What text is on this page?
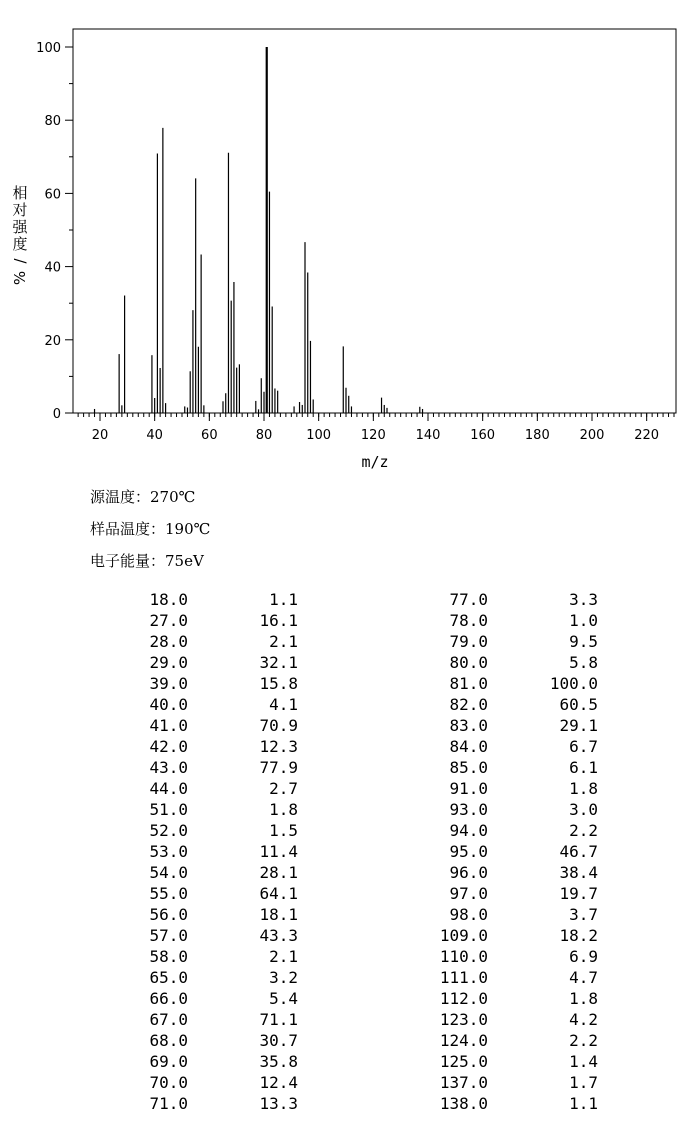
20	40	60	80	100 120 140 160 180 200 220
0
20
40
60
80
100
m/z
相
对
强
度
/
%
源温度：270℃
样品温度：190℃
电子能量：75eV
18.0	1.1	77.0	3.3
27.0	16.1	78.0	1.0
28.0	2.1	79.0	9.5
29.0	32.1	80.0	5.8
39.0	15.8	81.0	100.0
40.0	4.1	82.0	60.5
41.0	70.9	83.0	29.1
42.0	12.3	84.0	6.7
43.0	77.9	85.0	6.1
44.0	2.7	91.0	1.8
51.0	1.8	93.0	3.0
52.0	1.5	94.0	2.2
53.0	11.4	95.0	46.7
54.0	28.1	96.0	38.4
55.0	64.1	97.0	19.7
56.0	18.1	98.0	3.7
57.0	43.3	109.0	18.2
58.0	2.1	110.0	6.9
65.0	3.2	111.0	4.7
66.0	5.4	112.0	1.8
67.0	71.1	123.0	4.2
68.0	30.7	124.0	2.2
69.0	35.8	125.0	1.4
70.0	12.4	137.0	1.7
71.0	13.3	138.0	1.1
